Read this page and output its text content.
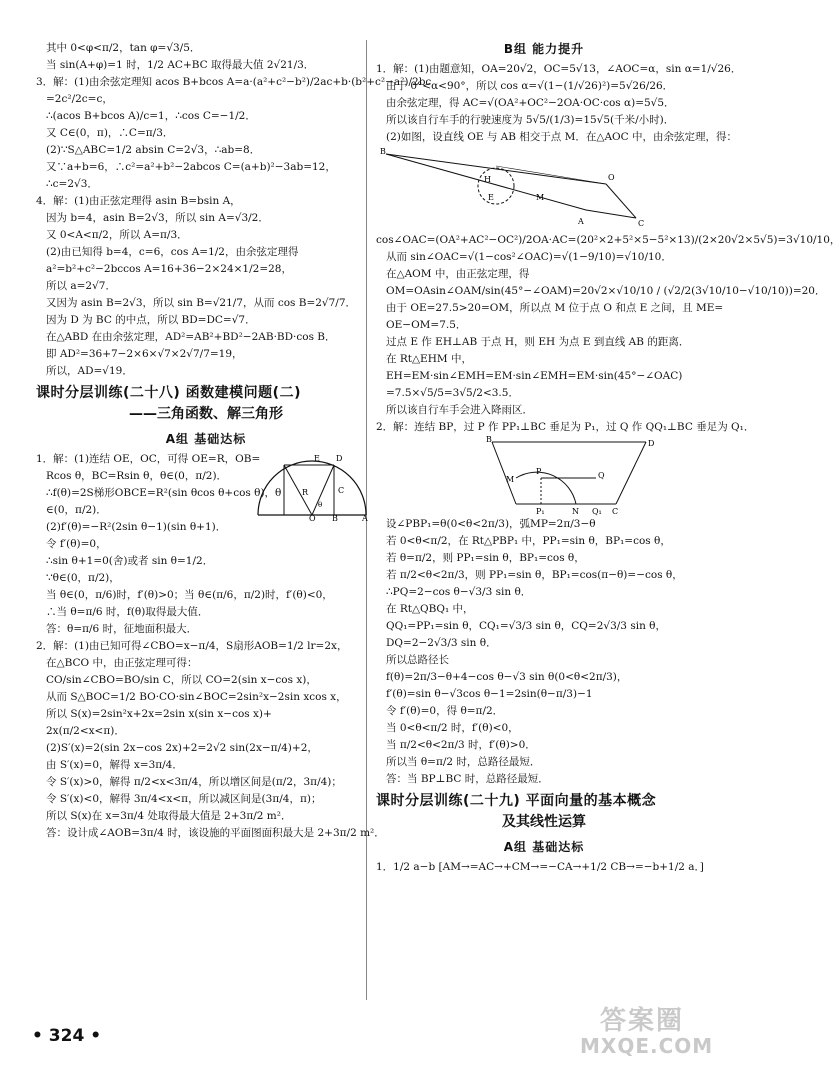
其中 0<φ<π/2，tan φ=√3/5．
当 sin(A+φ)=1 时，1/2 AC+BC 取得最大值 2√21/3．
3．解：(1)由余弦定理知 acos B+bcos A=a·(a²+c²−b²)/2ac+b·(b²+c²−a²)/2bc
=2c²/2c=c，
∴(acos B+bcos A)/c=1，∴cos C=−1/2．
又 C∈(0，π)，∴C=π/3．
(2)∵S△ABC=1/2 absin C=2√3，∴ab=8．
又∵a+b=6，∴c²=a²+b²−2abcos C=(a+b)²−3ab=12，
∴c=2√3．
4．解：(1)由正弦定理得 asin B=bsin A，
因为 b=4，asin B=2√3，所以 sin A=√3/2．
又 0<A<π/2，所以 A=π/3．
(2)由已知得 b=4，c=6，cos A=1/2，由余弦定理得
a²=b²+c²−2bccos A=16+36−2×24×1/2=28，
所以 a=2√7．
又因为 asin B=2√3，所以 sin B=√21/7，从而 cos B=2√7/7．
因为 D 为 BC 的中点，所以 BD=DC=√7．
在△ABD 在由余弦定理，AD²=AB²+BD²−2AB·BD·cos B．
即 AD²=36+7−2×6×√7×2√7/7=19，
所以，AD=√19．
课时分层训练(二十八) 函数建模问题(二)
——三角函数、解三角形
A组 基础达标
E D
C
R
θ
O B	A
1．解：(1)连结 OE，OC，可得 OE=R，OB=
Rcos θ，BC=Rsin θ，θ∈(0，π/2)．
∴f(θ)=2S梯形OBCE=R²(sin θcos θ+cos θ)，θ
∈(0，π/2)．
(2)f′(θ)=−R²(2sin θ−1)(sin θ+1)．
令 f′(θ)=0，
∴sin θ+1=0(舍)或者 sin θ=1/2．
∵θ∈(0，π/2)，
当 θ∈(0，π/6)时，f′(θ)>0；当 θ∈(π/6，π/2)时，f′(θ)<0，
∴当 θ=π/6 时，f(θ)取得最大值．
答：θ=π/6 时，征地面积最大．
2．解：(1)由已知可得∠CBO=x−π/4，S扇形AOB=1/2 lr=2x，
在△BCO 中，由正弦定理可得：
CO/sin∠CBO=BO/sin C，所以 CO=2(sin x−cos x)，
从而 S△BOC=1/2 BO·CO·sin∠BOC=2sin²x−2sin xcos x，
所以 S(x)=2sin²x+2x=2sin x(sin x−cos x)+
2x(π/2<x<π)．
(2)S′(x)=2(sin 2x−cos 2x)+2=2√2 sin(2x−π/4)+2，
由 S′(x)=0，解得 x=3π/4．
令 S′(x)>0，解得 π/2<x<3π/4，所以增区间是(π/2，3π/4)；
令 S′(x)<0，解得 3π/4<x<π，所以减区间是(3π/4，π)；
所以 S(x)在 x=3π/4 处取得最大值是 2+3π/2 m²．
答：设计成∠AOB=3π/4 时，该设施的平面图面积最大是 2+3π/2 m²．
B组 能力提升
1．解：(1)由题意知，OA=20√2，OC=5√13，∠AOC=α，sin α=1/√26．
由于 0°<α<90°，所以 cos α=√(1−(1/√26)²)=5√26/26．
由余弦定理，得 AC=√(OA²+OC²−2OA·OC·cos α)=5√5．
所以该自行车手的行驶速度为 5√5/(1/3)=15√5(千米/小时)．
(2)如图，设直线 OE 与 AB 相交于点 M．在△AOC 中，由余弦定理，得：
B
A
H
E	M
O
C
cos∠OAC=(OA²+AC²−OC²)/2OA·AC=(20²×2+5²×5−5²×13)/(2×20√2×5√5)=3√10/10，
从而 sin∠OAC=√(1−cos²∠OAC)=√(1−9/10)=√10/10．
在△AOM 中，由正弦定理，得
OM=OAsin∠OAM/sin(45°−∠OAM)=20√2×√10/10 / (√2/2(3√10/10−√10/10))=20．
由于 OE=27.5>20=OM，所以点 M 位于点 O 和点 E 之间，且 ME=
OE−OM=7.5．
过点 E 作 EH⊥AB 于点 H，则 EH 为点 E 到直线 AB 的距离．
在 Rt△EHM 中，
EH=EM·sin∠EMH=EM·sin∠EMH=EM·sin(45°−∠OAC)
=7.5×√5/5=3√5/2<3.5．
所以该自行车手会进入降雨区．
2．解：连结 BP，过 P 作 PP₁⊥BC 垂足为 P₁，过 Q 作 QQ₁⊥BC 垂足为 Q₁．
B
M
P
P₁	N
Q
Q₁ C
D
设∠PBP₁=θ(0<θ<2π/3)，弧MP=2π/3−θ
若 0<θ<π/2，在 Rt△PBP₁ 中，PP₁=sin θ，BP₁=cos θ，
若 θ=π/2，则 PP₁=sin θ，BP₁=cos θ，
若 π/2<θ<2π/3，则 PP₁=sin θ，BP₁=cos(π−θ)=−cos θ，
∴PQ=2−cos θ−√3/3 sin θ．
在 Rt△QBQ₁ 中，
QQ₁=PP₁=sin θ，CQ₁=√3/3 sin θ，CQ=2√3/3 sin θ，
DQ=2−2√3/3 sin θ．
所以总路径长
f(θ)=2π/3−θ+4−cos θ−√3 sin θ(0<θ<2π/3)，
f′(θ)=sin θ−√3cos θ−1=2sin(θ−π/3)−1
令 f′(θ)=0，得 θ=π/2．
当 0<θ<π/2 时，f′(θ)<0，
当 π/2<θ<2π/3 时，f′(θ)>0．
所以当 θ=π/2 时，总路径最短．
答：当 BP⊥BC 时，总路径最短．
课时分层训练(二十九) 平面向量的基本概念
及其线性运算
A组 基础达标
1．1/2 a−b [AM→=AC→+CM→=−CA→+1/2 CB→=−b+1/2 a．]
• 324 •	答案圈
MXQE.COM
